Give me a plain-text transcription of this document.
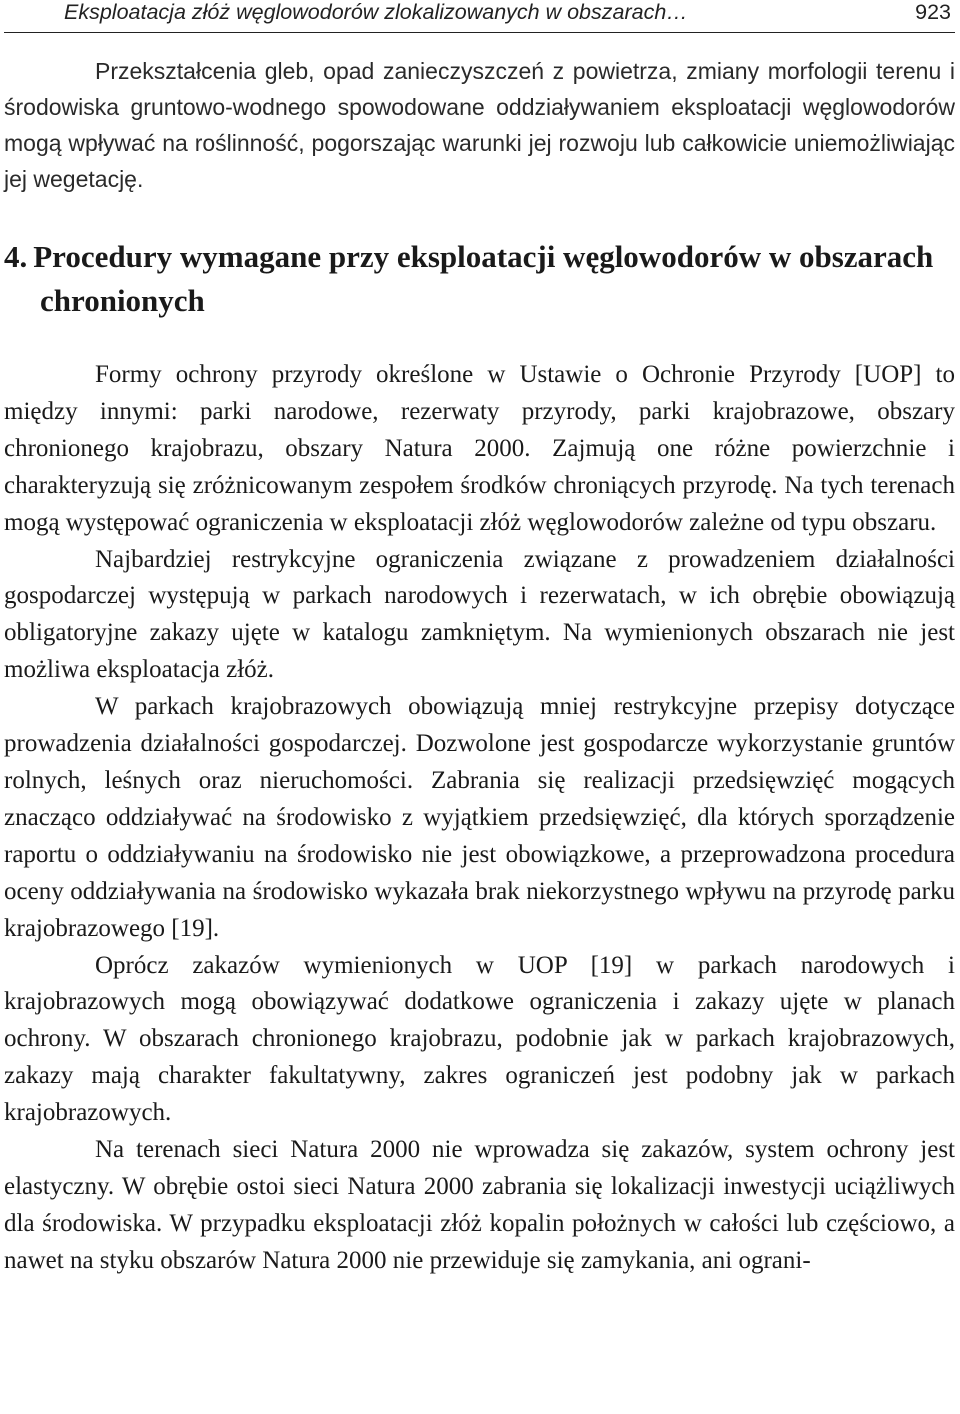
Eksploatacja złóż węglowodorów zlokalizowanych w obszarach…	923

Przekształcenia gleb, opad zanieczyszczeń z powietrza, zmiany morfologii terenu i środowiska gruntowo-wodnego spowodowane oddziaływaniem eksploatacji węglowodorów mogą wpływać na roślinność, pogorszając warunki jej rozwoju lub całkowicie uniemożliwiając jej wegetację.

4. Procedury wymagane przy eksploatacji węglowodorów w obszarach chronionych

Formy ochrony przyrody określone w Ustawie o Ochronie Przyrody [UOP] to między innymi: parki narodowe, rezerwaty przyrody, parki krajobrazowe, obszary chronionego krajobrazu, obszary Natura 2000. Zajmują one różne powierzchnie i charakteryzują się zróżnicowanym zespołem środków chroniących przyrodę. Na tych terenach mogą występować ograniczenia w eksploatacji złóż węglowodorów zależne od typu obszaru.

Najbardziej restrykcyjne ograniczenia związane z prowadzeniem działalności gospodarczej występują w parkach narodowych i rezerwatach, w ich obrębie obowiązują obligatoryjne zakazy ujęte w katalogu zamkniętym. Na wymienionych obszarach nie jest możliwa eksploatacja złóż.

W parkach krajobrazowych obowiązują mniej restrykcyjne przepisy dotyczące prowadzenia działalności gospodarczej. Dozwolone jest gospodarcze wykorzystanie gruntów rolnych, leśnych oraz nieruchomości. Zabrania się realizacji przedsięwzięć mogących znacząco oddziaływać na środowisko z wyjątkiem przedsięwzięć, dla których sporządzenie raportu o oddziaływaniu na środowisko nie jest obowiązkowe, a przeprowadzona procedura oceny oddziaływania na środowisko wykazała brak niekorzystnego wpływu na przyrodę parku krajobrazowego [19].

Oprócz zakazów wymienionych w UOP [19] w parkach narodowych i krajobrazowych mogą obowiązywać dodatkowe ograniczenia i zakazy ujęte w planach ochrony. W obszarach chronionego krajobrazu, podobnie jak w parkach krajobrazowych, zakazy mają charakter fakultatywny, zakres ograniczeń jest podobny jak w parkach krajobrazowych.

Na terenach sieci Natura 2000 nie wprowadza się zakazów, system ochrony jest elastyczny. W obrębie ostoi sieci Natura 2000 zabrania się lokalizacji inwestycji uciążliwych dla środowiska. W przypadku eksploatacji złóż kopalin położnych w całości lub częściowo, a nawet na styku obszarów Natura 2000 nie przewiduje się zamykania, ani ograni-
